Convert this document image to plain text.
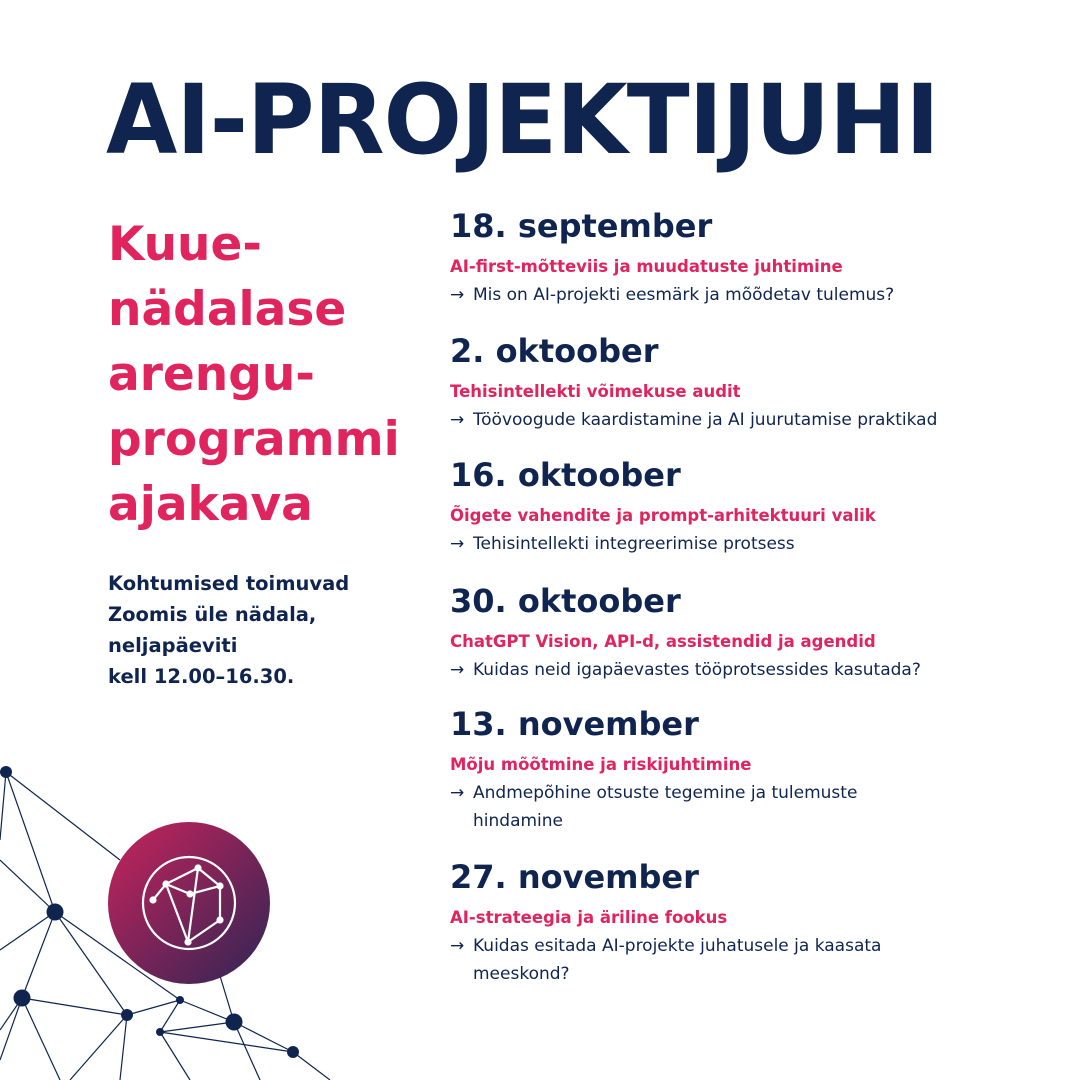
AI-PROJEKTIJUHI
Kuue-
nädalase
arengu-
programmi
ajakava
Kohtumised toimuvad
Zoomis üle nädala,
neljapäeviti
kell 12.00–16.30.
18. september
AI-first-mõtteviis ja muudatuste juhtimine
→ Mis on AI-projekti eesmärk ja mõõdetav tulemus?
2. oktoober
Tehisintellekti võimekuse audit
→ Töövoogude kaardistamine ja AI juurutamise praktikad
16. oktoober
Õigete vahendite ja prompt-arhitektuuri valik
→ Tehisintellekti integreerimise protsess
30. oktoober
ChatGPT Vision, API-d, assistendid ja agendid
→ Kuidas neid igapäevastes tööprotsessides kasutada?
13. november
Mõju mõõtmine ja riskijuhtimine
→ Andmepõhine otsuste tegemine ja tulemuste
hindamine
27. november
AI-strateegia ja äriline fookus
→ Kuidas esitada AI-projekte juhatusele ja kaasata
meeskond?
